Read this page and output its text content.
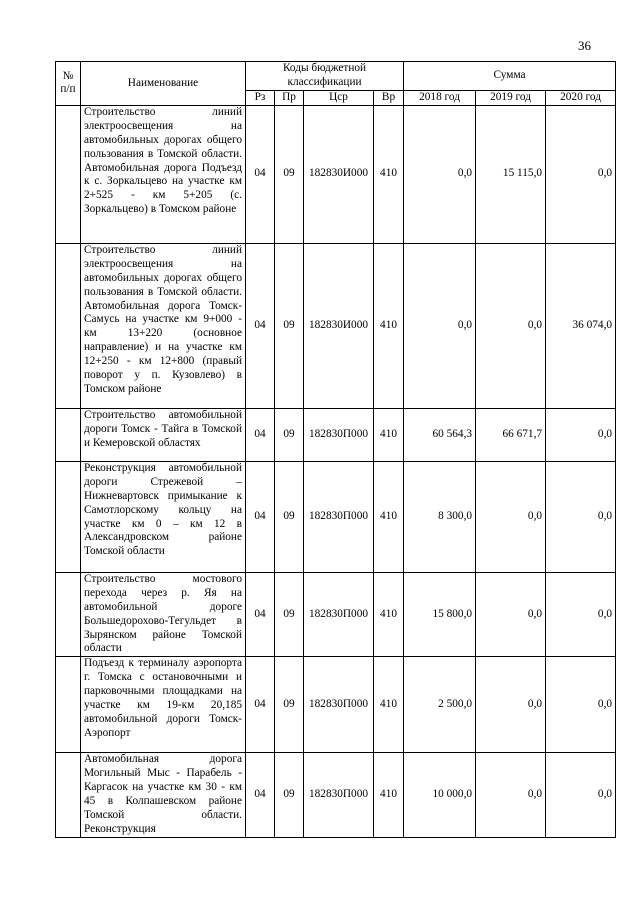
36
№ п/п	Наименование	Коды бюджетной классификации				Сумма		
		Рз	Пр	Цср	Вр	2018 год	2019 год	2020 год
	Строительство линий электроосвещения на автомобильных дорогах общего пользования в Томской области. Автомобильная дорога Подъезд к с. Зоркальцево на участке км 2+525 - км 5+205 (с. Зоркальцево) в Томском районе	04	09	182830И000	410	0,0	15 115,0	0,0
	Строительство линий электроосвещения на автомобильных дорогах общего пользования в Томской области. Автомобильная дорога Томск-Самусь на участке км 9+000 - км 13+220 (основное направление) и на участке км 12+250 - км 12+800 (правый поворот у п. Кузовлево) в Томском районе	04	09	182830И000	410	0,0	0,0	36 074,0
	Строительство автомобильной дороги Томск - Тайга в Томской и Кемеровской областях	04	09	182830П000	410	60 564,3	66 671,7	0,0
	Реконструкция автомобильной дороги Стрежевой – Нижневартовск примыкание к Самотлорскому кольцу на участке км 0 – км 12 в Александровском районе Томской области	04	09	182830П000	410	8 300,0	0,0	0,0
	Строительство мостового перехода через р. Яя на автомобильной дороге Большедорохово-Тегульдет в Зырянском районе Томской области	04	09	182830П000	410	15 800,0	0,0	0,0
	Подъезд к терминалу аэропорта г. Томска с остановочными и парковочными площадками на участке км 19-км 20,185 автомобильной дороги Томск-Аэропорт	04	09	182830П000	410	2 500,0	0,0	0,0
	Автомобильная дорога Могильный Мыс - Парабель - Каргасок на участке км 30 - км 45 в Колпашевском районе Томской области. Реконструкция	04	09	182830П000	410	10 000,0	0,0	0,0
